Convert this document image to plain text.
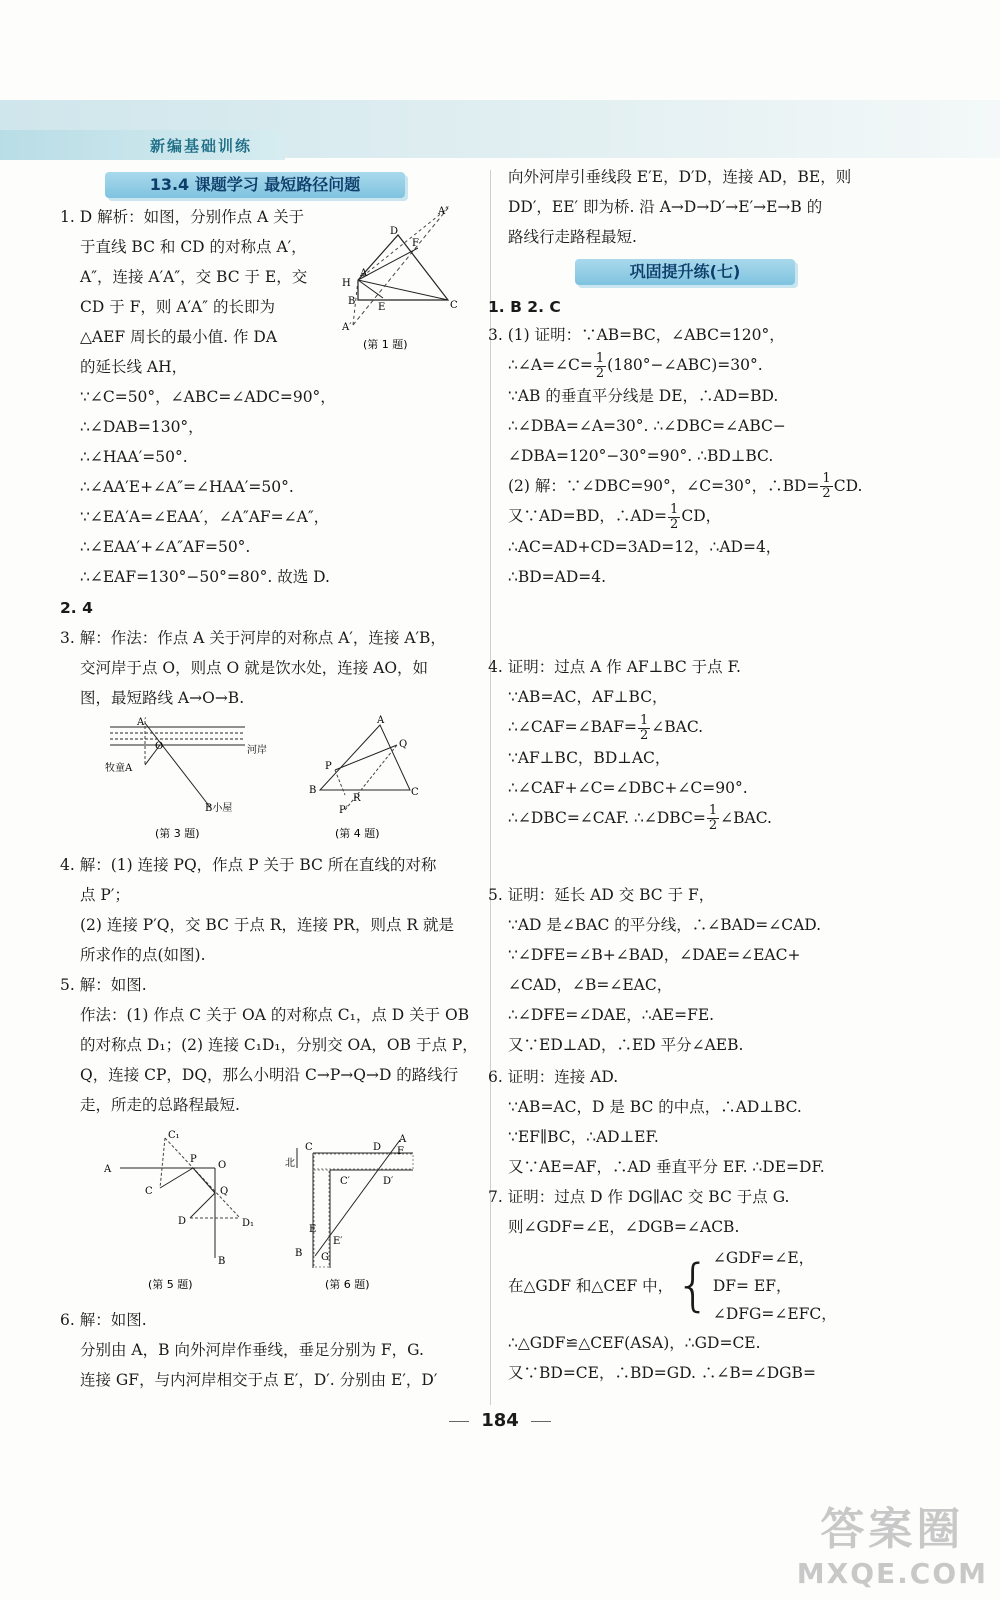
新编基础训练
13.4 课题学习 最短路径问题
巩固提升练(七)

1. D 解析：如图，分别作点 A 关于

于直线 BC 和 CD 的对称点 A′，

A″，连接 A′A″，交 BC 于 E，交

CD 于 F，则 A′A″ 的长即为

△AEF 周长的最小值. 作 DA

的延长线 AH，

∵∠C=50°，∠ABC=∠ADC=90°，

∴∠DAB=130°，

∴∠HAA′=50°.

∴∠AA′E+∠A″=∠HAA′=50°.

∵∠EA′A=∠EAA′，∠A″AF=∠A″，

∴∠EAA′+∠A″AF=50°.

∴∠EAF=130°−50°=80°. 故选 D.

A″
D
F
H
A
B
E	C
A′
(第 1 题)

2. 4

3. 解：作法：作点 A 关于河岸的对称点 A′，连接 A′B，

交河岸于点 O，则点 O 就是饮水处，连接 AO，如

图，最短路线 A→O→B.

A′
O	河岸
牧童A
B小屋
(第 3 题)
A
Q
P
B
R
C
P′
(第 4 题)

4. 解：(1) 连接 PQ，作点 P 关于 BC 所在直线的对称

点 P′；

(2) 连接 P′Q，交 BC 于点 R，连接 PR，则点 R 就是

所求作的点(如图).

5. 解：如图.

作法：(1) 作点 C 关于 OA 的对称点 C₁，点 D 关于 OB

的对称点 D₁；(2) 连接 C₁D₁，分别交 OA，OB 于点 P，

Q，连接 CP，DQ，那么小明沿 C→P→Q→D 的路线行

走，所走的总路程最短.

C₁
A
P
O
C	Q
D	D₁
B
(第 5 题)
A
北
C	D F
C′	D′
E
E′
B G
(第 6 题)

6. 解：如图.

分别由 A，B 向外河岸作垂线，垂足分别为 F，G.

连接 GF，与内河岸相交于点 E′，D′. 分别由 E′，D′

向外河岸引垂线段 E′E，D′D，连接 AD，BE，则

DD′，EE′ 即为桥. 沿 A→D→D′→E′→E→B 的

路线行走路程最短.

1. B 2. C

3. (1) 证明：∵AB=BC，∠ABC=120°，

∴∠A=∠C= $\frac{1}{2}$ (180°−∠ABC)=30°.

∵AB 的垂直平分线是 DE，∴AD=BD.

∴∠DBA=∠A=30°. ∴∠DBC=∠ABC−

∠DBA=120°−30°=90°. ∴BD⊥BC.

(2) 解：∵∠DBC=90°，∠C=30°，∴BD= $\frac{1}{2}$ CD.

又∵AD=BD，∴AD= $\frac{1}{2}$ CD，

∴AC=AD+CD=3AD=12，∴AD=4，

∴BD=AD=4.

4. 证明：过点 A 作 AF⊥BC 于点 F.

∵AB=AC，AF⊥BC，

∴∠CAF=∠BAF= $\frac{1}{2}$ ∠BAC.

∵AF⊥BC，BD⊥AC，

∴∠CAF+∠C=∠DBC+∠C=90°.

∴∠DBC=∠CAF. ∴∠DBC= $\frac{1}{2}$ ∠BAC.

5. 证明：延长 AD 交 BC 于 F，

∵AD 是∠BAC 的平分线，∴∠BAD=∠CAD.

∵∠DFE=∠B+∠BAD，∠DAE=∠EAC+

∠CAD，∠B=∠EAC，

∴∠DFE=∠DAE，∴AE=FE.

又∵ED⊥AD，∴ED 平分∠AEB.

6. 证明：连接 AD.

∵AB=AC，D 是 BC 的中点，∴AD⊥BC.

∵EF∥BC，∴AD⊥EF.

又∵AE=AF，∴AD 垂直平分 EF. ∴DE=DF.

7. 证明：过点 D 作 DG∥AC 交 BC 于点 G.

则∠GDF=∠E，∠DGB=∠ACB.

在△GDF 和△CEF 中， { ∠GDF=∠E，

DF= EF，

∠DFG=∠EFC，

∴△GDF≌△CEF(ASA)，∴GD=CE.

又∵BD=CE，∴BD=GD. ∴∠B=∠DGB=

184
答案圈
MXQE.COM
